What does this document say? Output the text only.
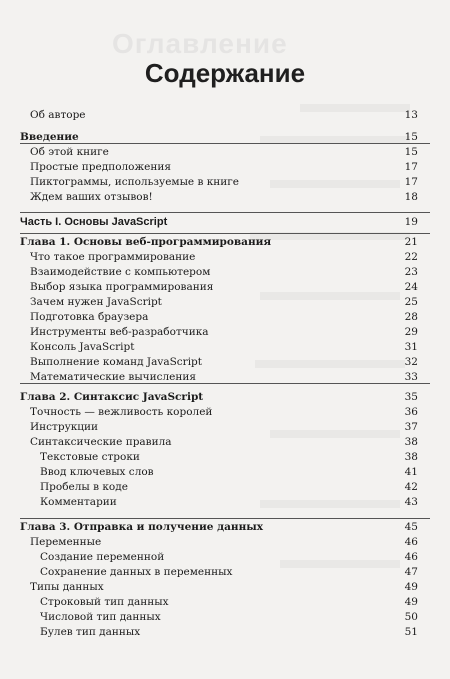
Оглавление
Содержание
Об авторе	13
Введение	15
Об этой книге	15
Простые предположения	17
Пиктограммы, используемые в книге	17
Ждем ваших отзывов!	18
Часть I. Основы JavaScript	19
Глава 1. Основы веб-программирования	21
Что такое программирование	22
Взаимодействие с компьютером	23
Выбор языка программирования	24
Зачем нужен JavaScript	25
Подготовка браузера	28
Инструменты веб-разработчика	29
Консоль JavaScript	31
Выполнение команд JavaScript	32
Математические вычисления	33
Глава 2. Синтаксис JavaScript	35
Точность — вежливость королей	36
Инструкции	37
Синтаксические правила	38
Текстовые строки	38
Ввод ключевых слов	41
Пробелы в коде	42
Комментарии	43
Глава 3. Отправка и получение данных	45
Переменные	46
Создание переменной	46
Сохранение данных в переменных	47
Типы данных	49
Строковый тип данных	49
Числовой тип данных	50
Булев тип данных	51
